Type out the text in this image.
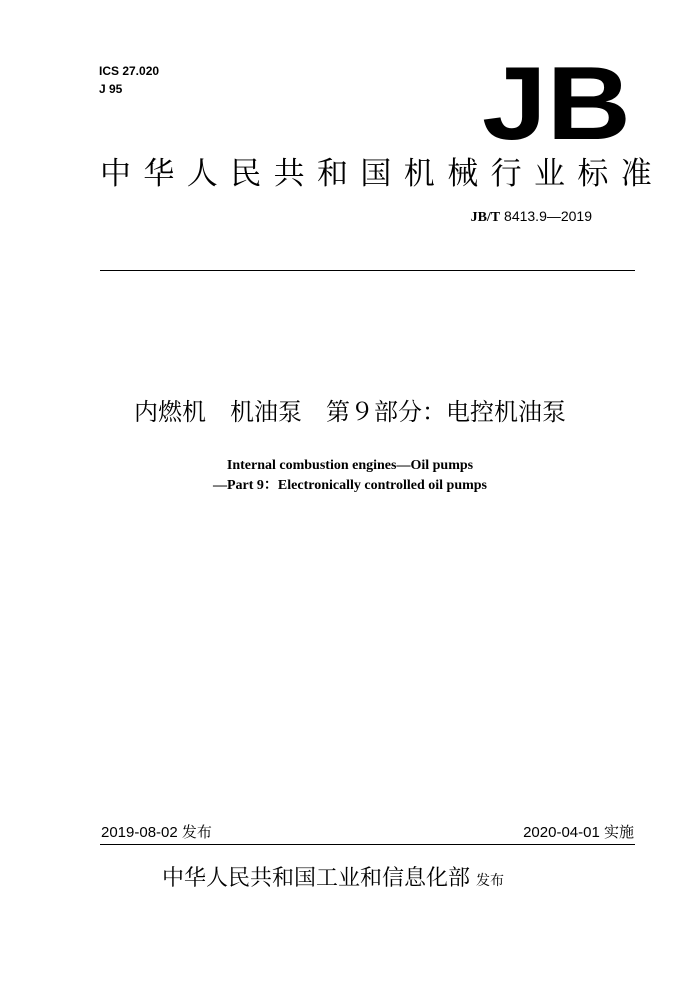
ICS 27.020
J 95	JB
中华人民共和国机械行业标准
JB/T 8413.9—2019
内燃机　机油泵　第９部分：电控机油泵
Internal combustion engines—Oil pumps
—Part 9：Electronically controlled oil pumps
2019-08-02 发布	2020-04-01 实施
中华人民共和国工业和信息化部 发布
